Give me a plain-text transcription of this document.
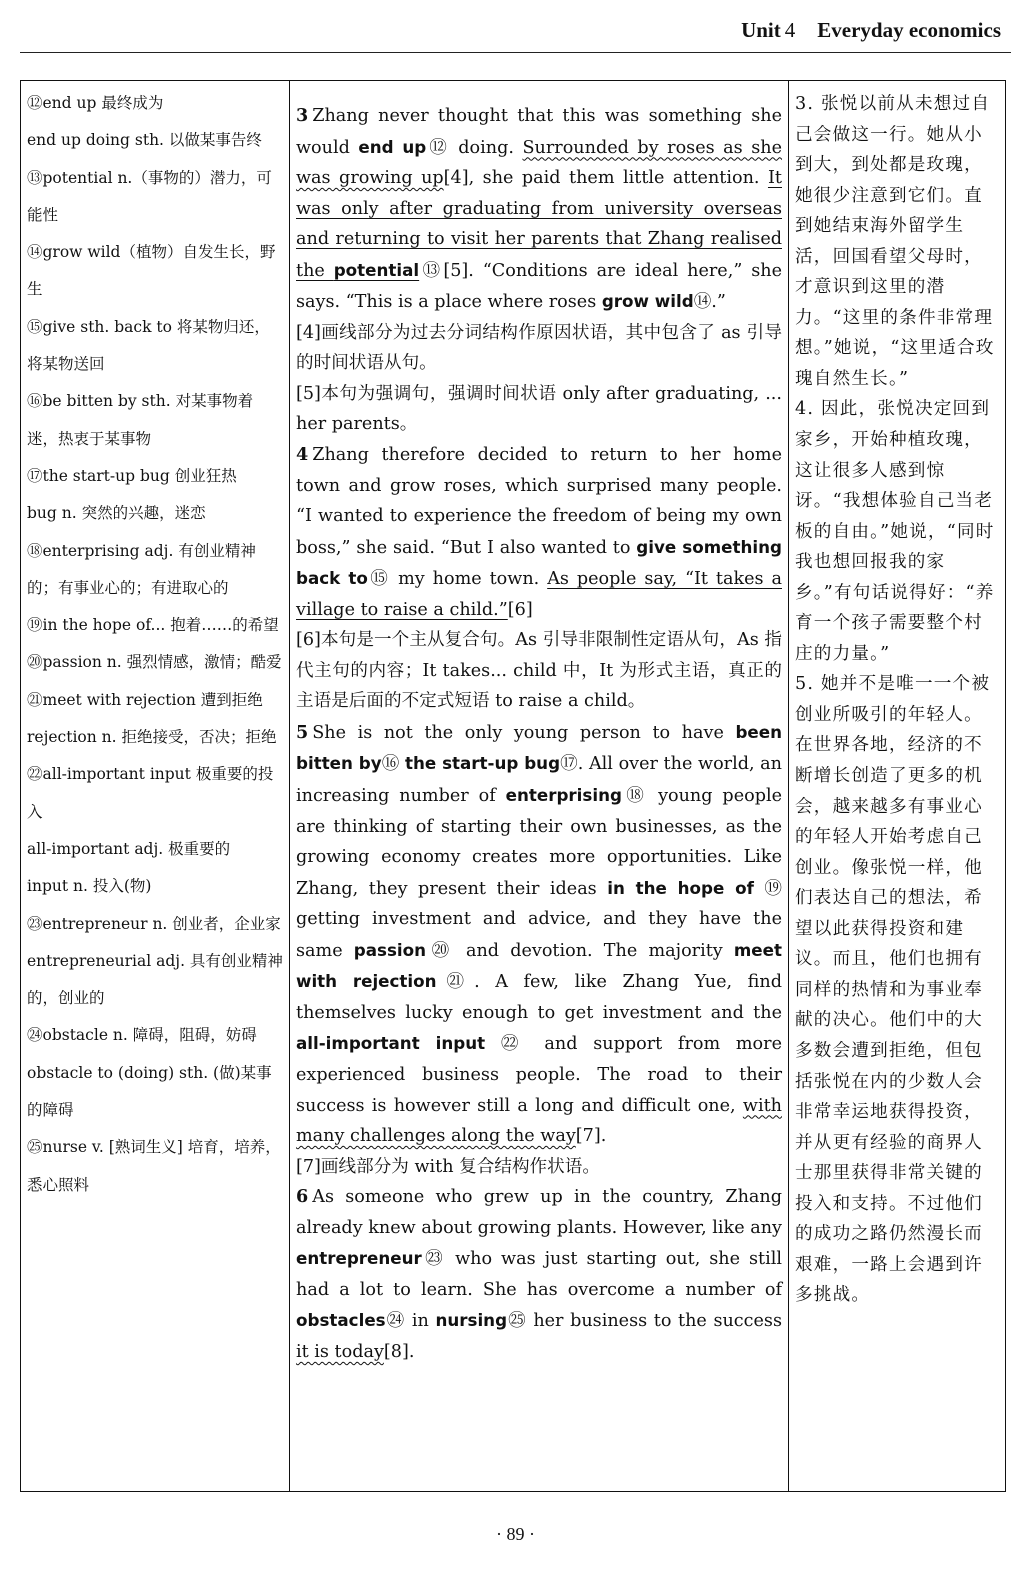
Unit 4 Everyday economics

⑫end up 最终成为

end up doing sth. 以做某事告终

⑬potential n.（事物的）潜力，可能性

⑭grow wild（植物）自发生长，野生

⑮give sth. back to 将某物归还，将某物送回

⑯be bitten by sth. 对某事物着迷，热衷于某事物

⑰the start-up bug 创业狂热

bug n. 突然的兴趣，迷恋

⑱enterprising adj. 有创业精神的；有事业心的；有进取心的

⑲in the hope of... 抱着……的希望

⑳passion n. 强烈情感，激情；酷爱

㉑meet with rejection 遭到拒绝

rejection n. 拒绝接受，否决；拒绝

㉒all-important input 极重要的投入

all-important adj. 极重要的

input n. 投入(物)

㉓entrepreneur n. 创业者，企业家

entrepreneurial adj. 具有创业精神的，创业的

㉔obstacle n. 障碍，阻碍，妨碍

obstacle to (doing) sth. (做)某事的障碍

㉕nurse v. [熟词生义] 培育，培养，悉心照料

3 Zhang never thought that this was something she would end up⑫ doing. Surrounded by roses as she was growing up[4], she paid them little attention. It was only after graduating from university overseas and returning to visit her parents that Zhang realised the potential⑬[5]. “Conditions are ideal here,” she says. “This is a place where roses grow wild⑭.”

[4]画线部分为过去分词结构作原因状语，其中包含了 as 引导的时间状语从句。

[5]本句为强调句，强调时间状语 only after graduating, ... her parents。

4 Zhang therefore decided to return to her home town and grow roses, which surprised many people. “I wanted to experience the freedom of being my own boss,” she said. “But I also wanted to give something back to⑮ my home town. As people say, “It takes a village to raise a child.”[6]

[6]本句是一个主从复合句。As 引导非限制性定语从句，As 指代主句的内容；It takes... child 中，It 为形式主语，真正的主语是后面的不定式短语 to raise a child。

5 She is not the only young person to have been bitten by⑯ the start-up bug⑰. All over the world, an increasing number of enterprising⑱ young people are thinking of starting their own businesses, as the growing economy creates more opportunities. Like Zhang, they present their ideas in the hope of ⑲ getting investment and advice, and they have the same passion⑳ and devotion. The majority meet with rejection㉑. A few, like Zhang Yue, find themselves lucky enough to get investment and the all-important input ㉒ and support from more experienced business people. The road to their success is however still a long and difficult one, with many challenges along the way[7].

[7]画线部分为 with 复合结构作状语。

6 As someone who grew up in the country, Zhang already knew about growing plants. However, like any entrepreneur㉓ who was just starting out, she still had a lot to learn. She has overcome a number of obstacles㉔ in nursing㉕ her business to the success it is today[8].

3. 张悦以前从未想过自己会做这一行。她从小到大，到处都是玫瑰，她很少注意到它们。直到她结束海外留学生活，回国看望父母时，才意识到这里的潜力。“这里的条件非常理想。”她说，“这里适合玫瑰自然生长。”

4. 因此，张悦决定回到家乡，开始种植玫瑰，这让很多人感到惊讶。“我想体验自己当老板的自由。”她说，“同时我也想回报我的家乡。”有句话说得好：“养育一个孩子需要整个村庄的力量。”

5. 她并不是唯一一个被创业所吸引的年轻人。在世界各地，经济的不断增长创造了更多的机会，越来越多有事业心的年轻人开始考虑自己创业。像张悦一样，他们表达自己的想法，希望以此获得投资和建议。而且，他们也拥有同样的热情和为事业奉献的决心。他们中的大多数会遭到拒绝，但包括张悦在内的少数人会非常幸运地获得投资，并从更有经验的商界人士那里获得非常关键的投入和支持。不过他们的成功之路仍然漫长而艰难，一路上会遇到许多挑战。

· 89 ·
